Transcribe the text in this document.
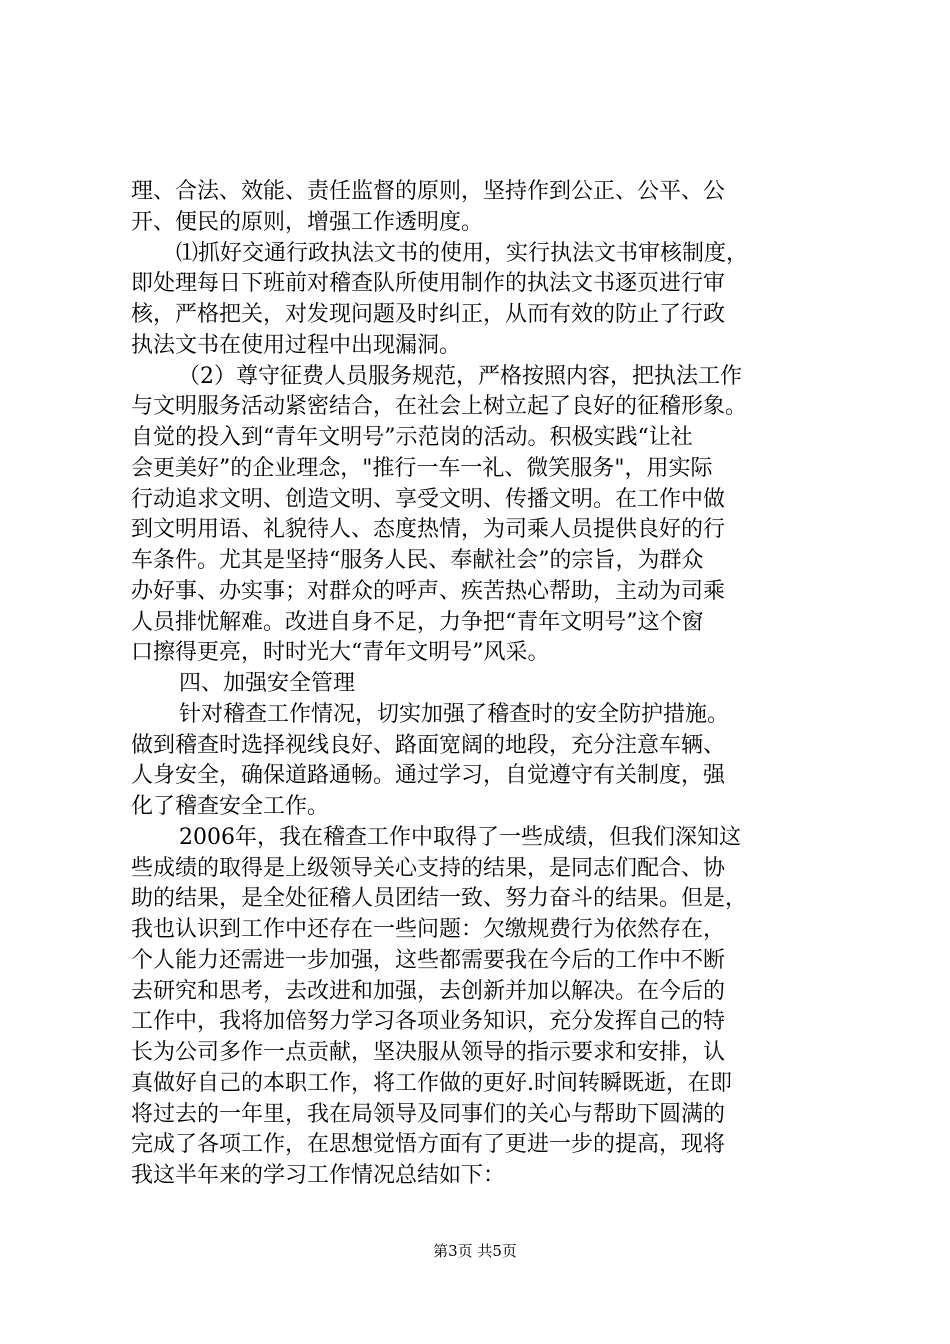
理、合法、效能、责任监督的原则，坚持作到公正、公平、公
开、便民的原则，增强工作透明度。
⑴抓好交通行政执法文书的使用，实行执法文书审核制度，
即处理每日下班前对稽查队所使用制作的执法文书逐页进行审
核，严格把关，对发现问题及时纠正，从而有效的防止了行政
执法文书在使用过程中出现漏洞。
（2）尊守征费人员服务规范，严格按照内容，把执法工作
与文明服务活动紧密结合，在社会上树立起了良好的征稽形象。
自觉的投入到“青年文明号”示范岗的活动。积极实践“让社
会更美好”的企业理念，"推行一车一礼、微笑服务"，用实际
行动追求文明、创造文明、享受文明、传播文明。在工作中做
到文明用语、礼貌待人、态度热情，为司乘人员提供良好的行
车条件。尤其是坚持“服务人民、奉献社会”的宗旨，为群众
办好事、办实事；对群众的呼声、疾苦热心帮助，主动为司乘
人员排忧解难。改进自身不足，力争把“青年文明号”这个窗
口擦得更亮，时时光大“青年文明号”风采。
四、加强安全管理
针对稽查工作情况，切实加强了稽查时的安全防护措施。
做到稽查时选择视线良好、路面宽阔的地段，充分注意车辆、
人身安全，确保道路通畅。通过学习，自觉遵守有关制度，强
化了稽查安全工作。
2006年，我在稽查工作中取得了一些成绩，但我们深知这
些成绩的取得是上级领导关心支持的结果，是同志们配合、协
助的结果，是全处征稽人员团结一致、努力奋斗的结果。但是，
我也认识到工作中还存在一些问题：欠缴规费行为依然存在，
个人能力还需进一步加强，这些都需要我在今后的工作中不断
去研究和思考，去改进和加强，去创新并加以解决。在今后的
工作中，我将加倍努力学习各项业务知识，充分发挥自己的特
长为公司多作一点贡献，坚决服从领导的指示要求和安排，认
真做好自己的本职工作，将工作做的更好.时间转瞬既逝，在即
将过去的一年里，我在局领导及同事们的关心与帮助下圆满的
完成了各项工作，在思想觉悟方面有了更进一步的提高，现将
我这半年来的学习工作情况总结如下：
第3页 共5页
